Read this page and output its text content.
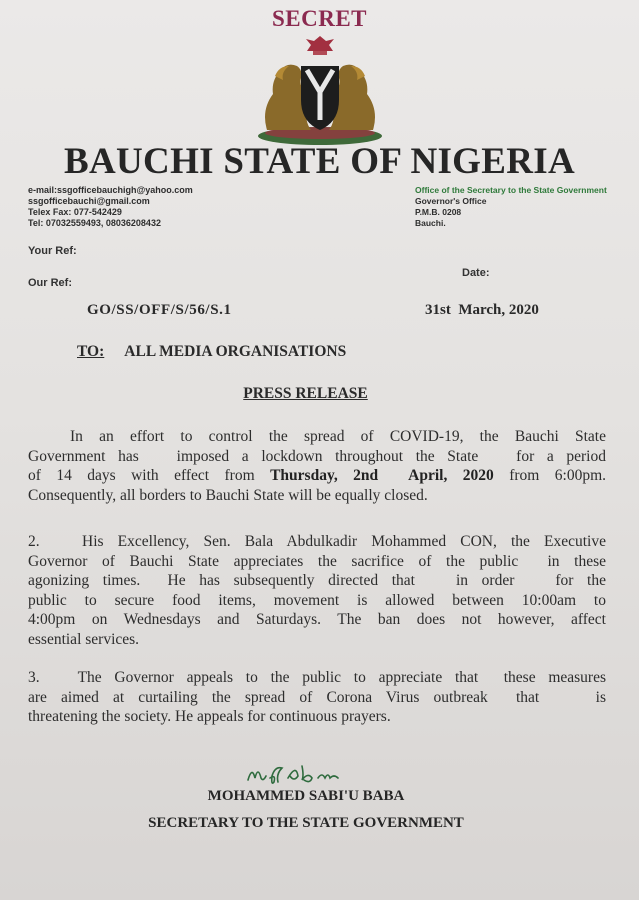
SECRET
BAUCHI STATE OF NIGERIA
e-mail:ssgofficebauchigh@yahoo.com
ssgofficebauchi@gmail.com
Telex Fax: 077-542429
Tel: 07032559493, 08036208432
Office of the Secretary to the State Government
Governor's Office
P.M.B. 0208
Bauchi.
Your Ref:
Our Ref:
Date:
GO/SS/OFF/S/56/S.1	31st  March, 2020
TO: ALL MEDIA ORGANISATIONS
PRESS RELEASE
In an effort to control the spread of COVID-19, the Bauchi State
Government has   imposed a lockdown throughout the State   for a period
of 14 days with effect from Thursday, 2nd  April, 2020 from 6:00pm.
Consequently, all borders to Bauchi State will be equally closed.
2.   His Excellency, Sen. Bala Abdulkadir Mohammed CON, the Executive
Governor of Bauchi State appreciates the sacrifice of the public  in these
agonizing times.  He has subsequently directed that   in order   for the
public to secure food items, movement is allowed between 10:00am to
4:00pm on Wednesdays and Saturdays. The ban does not however, affect
essential services.
3.   The Governor appeals to the public to appreciate that  these measures
are aimed at curtailing the spread of Corona Virus outbreak  that    is
threatening the society. He appeals for continuous prayers.
MOHAMMED SABI'U BABA
SECRETARY TO THE STATE GOVERNMENT
